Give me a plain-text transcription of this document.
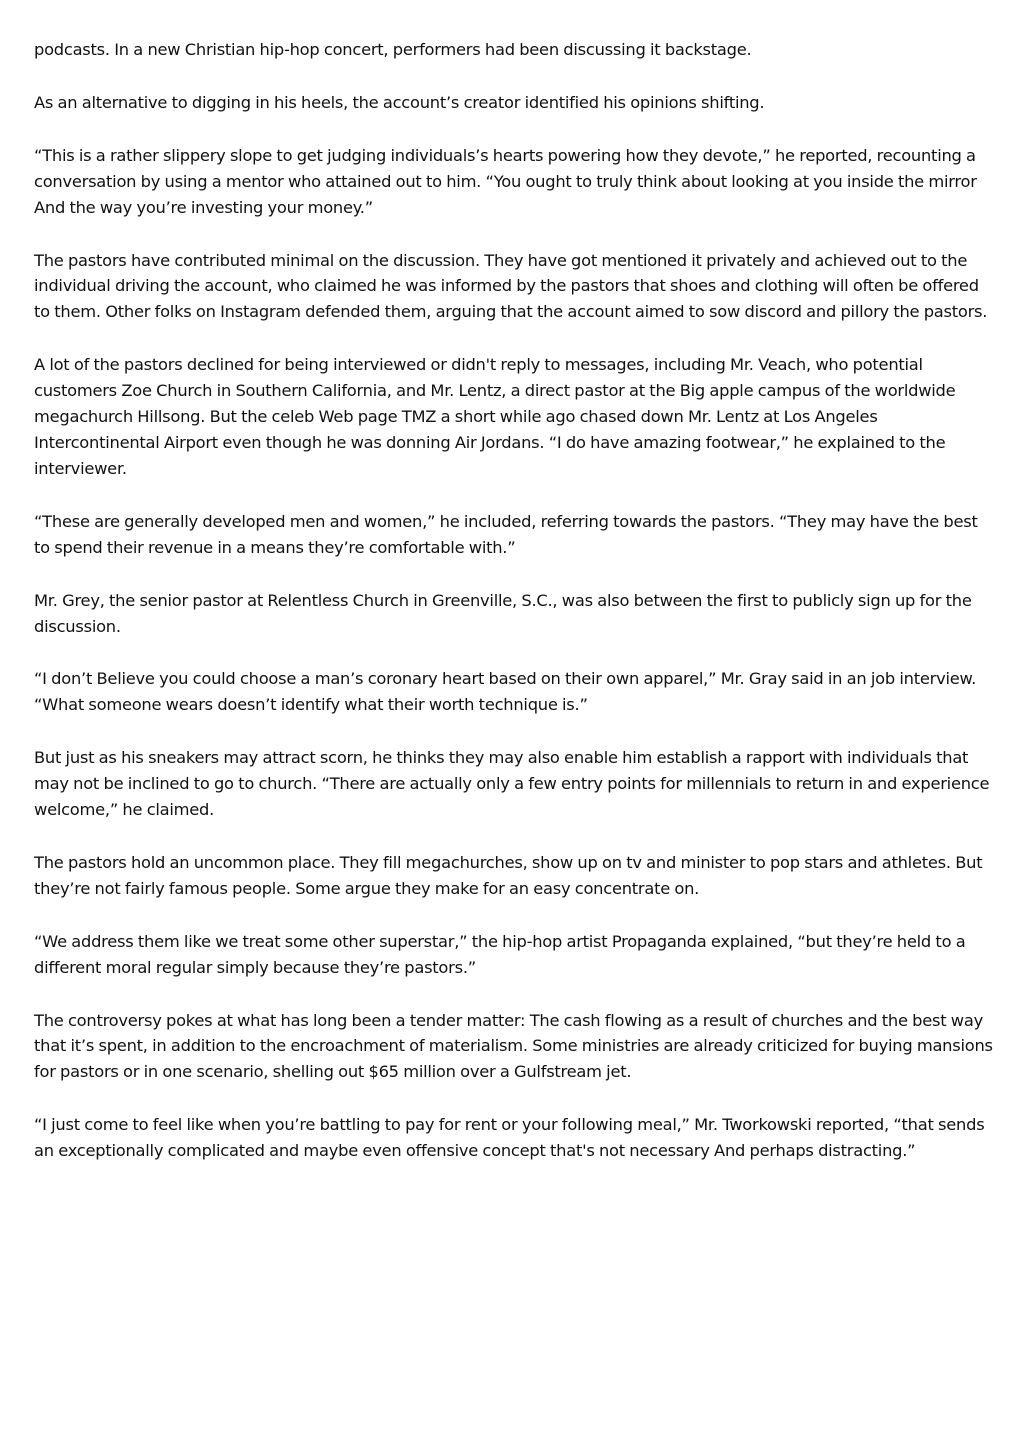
podcasts. In a new Christian hip-hop concert, performers had been discussing it backstage.

As an alternative to digging in his heels, the account’s creator identified his opinions shifting.

“This is a rather slippery slope to get judging individuals’s hearts powering how they devote,” he reported, recounting a conversation by using a mentor who attained out to him. “You ought to truly think about looking at you inside the mirror And the way you’re investing your money.”

The pastors have contributed minimal on the discussion. They have got mentioned it privately and achieved out to the individual driving the account, who claimed he was informed by the pastors that shoes and clothing will often be offered to them. Other folks on Instagram defended them, arguing that the account aimed to sow discord and pillory the pastors.

A lot of the pastors declined for being interviewed or didn't reply to messages, including Mr. Veach, who potential customers Zoe Church in Southern California, and Mr. Lentz, a direct pastor at the Big apple campus of the worldwide megachurch Hillsong. But the celeb Web page TMZ a short while ago chased down Mr. Lentz at Los Angeles Intercontinental Airport even though he was donning Air Jordans. “I do have amazing footwear,” he explained to the interviewer.

“These are generally developed men and women,” he included, referring towards the pastors. “They may have the best to spend their revenue in a means they’re comfortable with.”

Mr. Grey, the senior pastor at Relentless Church in Greenville, S.C., was also between the first to publicly sign up for the discussion.

“I don’t Believe you could choose a man’s coronary heart based on their own apparel,” Mr. Gray said in an job interview. “What someone wears doesn’t identify what their worth technique is.”

But just as his sneakers may attract scorn, he thinks they may also enable him establish a rapport with individuals that may not be inclined to go to church. “There are actually only a few entry points for millennials to return in and experience welcome,” he claimed.

The pastors hold an uncommon place. They fill megachurches, show up on tv and minister to pop stars and athletes. But they’re not fairly famous people. Some argue they make for an easy concentrate on.

“We address them like we treat some other superstar,” the hip-hop artist Propaganda explained, “but they’re held to a different moral regular simply because they’re pastors.”

The controversy pokes at what has long been a tender matter: The cash flowing as a result of churches and the best way that it’s spent, in addition to the encroachment of materialism. Some ministries are already criticized for buying mansions for pastors or in one scenario, shelling out $65 million over a Gulfstream jet.

“I just come to feel like when you’re battling to pay for rent or your following meal,” Mr. Tworkowski reported, “that sends an exceptionally complicated and maybe even offensive concept that's not necessary And perhaps distracting.”
